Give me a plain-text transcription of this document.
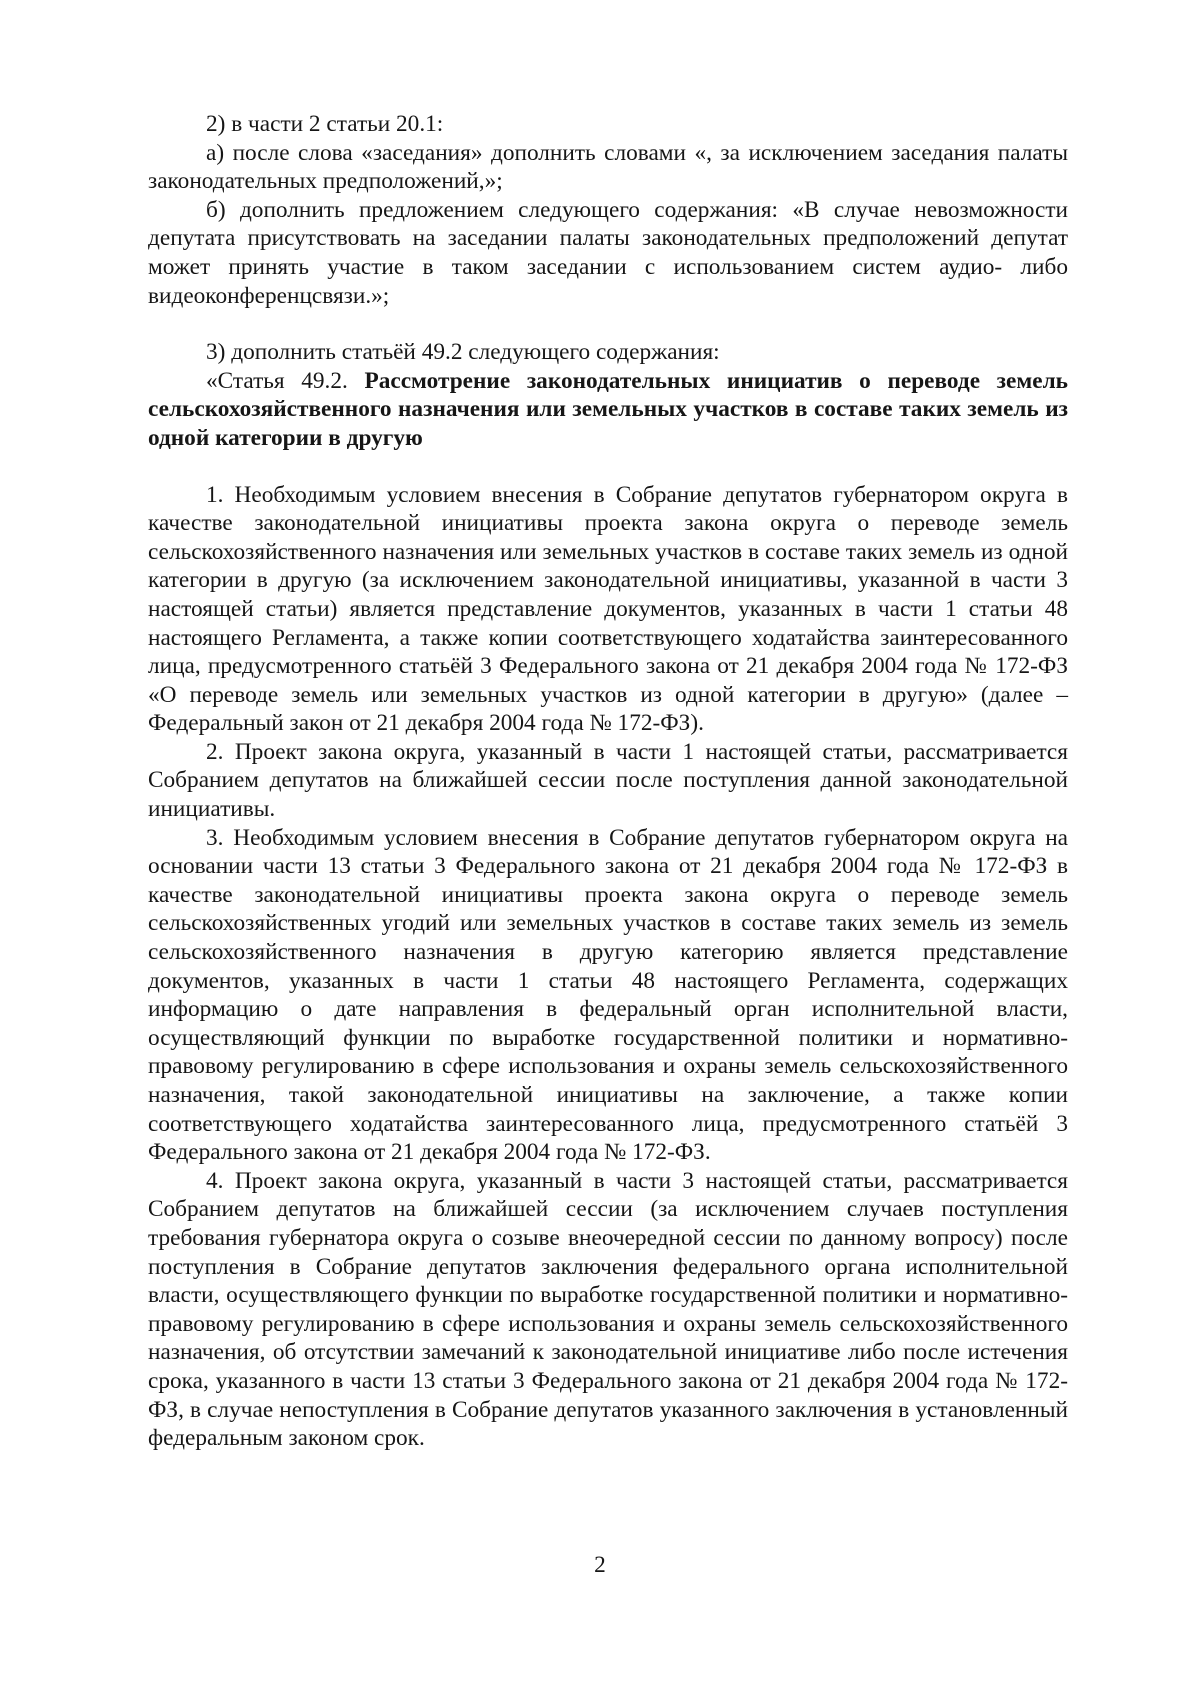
2) в части 2 статьи 20.1:

а) после слова «заседания» дополнить словами «, за исключением заседания палаты законодательных предположений,»;

б) дополнить предложением следующего содержания: «В случае невозможности депутата присутствовать на заседании палаты законодательных предположений депутат может принять участие в таком заседании с использованием систем аудио- либо видеоконференцсвязи.»;

3) дополнить статьёй 49.2 следующего содержания:

«Статья 49.2. Рассмотрение законодательных инициатив о переводе земель сельскохозяйственного назначения или земельных участков в составе таких земель из одной категории в другую

1. Необходимым условием внесения в Собрание депутатов губернатором округа в качестве законодательной инициативы проекта закона округа о переводе земель сельскохозяйственного назначения или земельных участков в составе таких земель из одной категории в другую (за исключением законодательной инициативы, указанной в части 3 настоящей статьи) является представление документов, указанных в части 1 статьи 48 настоящего Регламента, а также копии соответствующего ходатайства заинтересованного лица, предусмотренного статьёй 3 Федерального закона от 21 декабря 2004 года № 172-ФЗ «О переводе земель или земельных участков из одной категории в другую» (далее – Федеральный закон от 21 декабря 2004 года № 172-ФЗ).

2. Проект закона округа, указанный в части 1 настоящей статьи, рассматривается Собранием депутатов на ближайшей сессии после поступления данной законодательной инициативы.

3. Необходимым условием внесения в Собрание депутатов губернатором округа на основании части 13 статьи 3 Федерального закона от 21 декабря 2004 года № 172-ФЗ в качестве законодательной инициативы проекта закона округа о переводе земель сельскохозяйственных угодий или земельных участков в составе таких земель из земель сельскохозяйственного назначения в другую категорию является представление документов, указанных в части 1 статьи 48 настоящего Регламента, содержащих информацию о дате направления в федеральный орган исполнительной власти, осуществляющий функции по выработке государственной политики и нормативно-правовому регулированию в сфере использования и охраны земель сельскохозяйственного назначения, такой законодательной инициативы на заключение, а также копии соответствующего ходатайства заинтересованного лица, предусмотренного статьёй 3 Федерального закона от 21 декабря 2004 года № 172-ФЗ.

4. Проект закона округа, указанный в части 3 настоящей статьи, рассматривается Собранием депутатов на ближайшей сессии (за исключением случаев поступления требования губернатора округа о созыве внеочередной сессии по данному вопросу) после поступления в Собрание депутатов заключения федерального органа исполнительной власти, осуществляющего функции по выработке государственной политики и нормативно-правовому регулированию в сфере использования и охраны земель сельскохозяйственного назначения, об отсутствии замечаний к законодательной инициативе либо после истечения срока, указанного в части 13 статьи 3 Федерального закона от 21 декабря 2004 года № 172-ФЗ, в случае непоступления в Собрание депутатов указанного заключения в установленный федеральным законом срок.

2
